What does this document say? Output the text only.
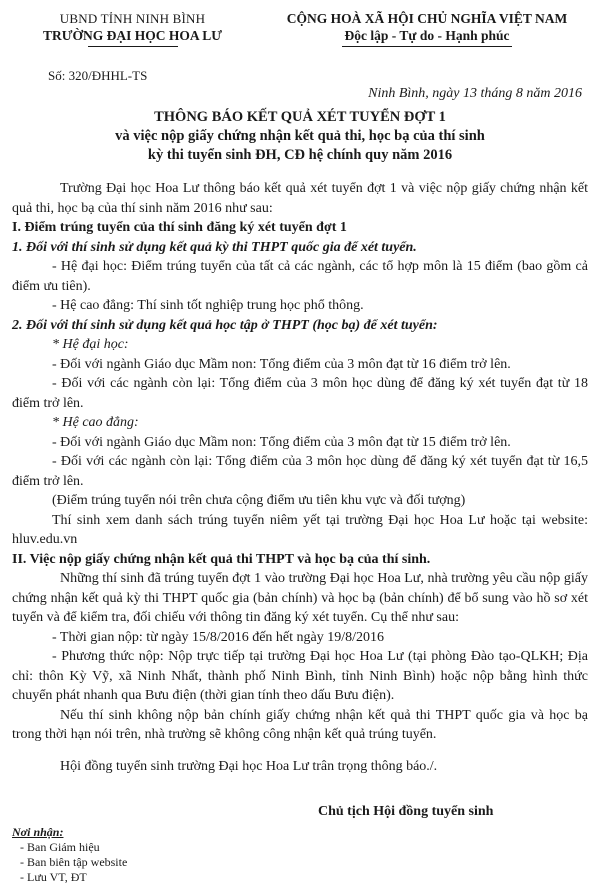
UBND TỈNH NINH BÌNH
TRƯỜNG ĐẠI HỌC HOA LƯ
CỘNG HOÀ XÃ HỘI CHỦ NGHĨA VIỆT NAM
Độc lập - Tự do - Hạnh phúc
Số: 320/ĐHHL-TS
Ninh Bình, ngày 13 tháng 8 năm 2016
THÔNG BÁO KẾT QUẢ XÉT TUYỂN ĐỢT 1
và việc nộp giấy chứng nhận kết quả thi, học bạ của thí sinh
kỳ thi tuyển sinh ĐH, CĐ hệ chính quy năm 2016

Trường Đại học Hoa Lư thông báo kết quả xét tuyển đợt 1 và việc nộp giấy chứng nhận kết quả thi, học bạ của thí sinh năm 2016 như sau:

I. Điểm trúng tuyển của thí sinh đăng ký xét tuyển đợt 1

1. Đối với thí sinh sử dụng kết quả kỳ thi THPT quốc gia để xét tuyển.

- Hệ đại học: Điểm trúng tuyển của tất cả các ngành, các tổ hợp môn là 15 điểm (bao gồm cả điểm ưu tiên).

- Hệ cao đẳng: Thí sinh tốt nghiệp trung học phổ thông.

2. Đối với thí sinh sử dụng kết quả học tập ở THPT (học bạ) để xét tuyển:

* Hệ đại học:

- Đối với ngành Giáo dục Mầm non: Tổng điểm của 3 môn đạt từ 16 điểm trở lên.

- Đối với các ngành còn lại: Tổng điểm của 3 môn học dùng để đăng ký xét tuyển đạt từ 18 điểm trở lên.

* Hệ cao đẳng:

- Đối với ngành Giáo dục Mầm non: Tổng điểm của 3 môn đạt từ 15 điểm trở lên.

- Đối với các ngành còn lại: Tổng điểm của 3 môn học dùng để đăng ký xét tuyển đạt từ 16,5 điểm trở lên.

(Điểm trúng tuyển nói trên chưa cộng điểm ưu tiên khu vực và đối tượng)

Thí sinh xem danh sách trúng tuyển niêm yết tại trường Đại học Hoa Lư hoặc tại website: hluv.edu.vn

II. Việc nộp giấy chứng nhận kết quả thi THPT và học bạ của thí sinh.

Những thí sinh đã trúng tuyển đợt 1 vào trường Đại học Hoa Lư, nhà trường yêu cầu nộp giấy chứng nhận kết quả kỳ thi THPT quốc gia (bản chính) và học bạ (bản chính) để bổ sung vào hồ sơ xét tuyển và để kiểm tra, đối chiếu với thông tin đăng ký xét tuyển. Cụ thể như sau:

- Thời gian nộp: từ ngày 15/8/2016 đến hết ngày 19/8/2016

- Phương thức nộp: Nộp trực tiếp tại trường Đại học Hoa Lư (tại phòng Đào tạo-QLKH; Địa chỉ: thôn Kỳ Vỹ, xã Ninh Nhất, thành phố Ninh Bình, tỉnh Ninh Bình) hoặc nộp bằng hình thức chuyển phát nhanh qua Bưu điện (thời gian tính theo dấu Bưu điện).

Nếu thí sinh không nộp bản chính giấy chứng nhận kết quả thi THPT quốc gia và học bạ trong thời hạn nói trên, nhà trường sẽ không công nhận kết quả trúng tuyển.

Hội đồng tuyển sinh trường Đại học Hoa Lư trân trọng thông báo./.

Chủ tịch Hội đồng tuyển sinh
Nơi nhận:
- Ban Giám hiệu
- Ban biên tập website
- Lưu VT, ĐT
